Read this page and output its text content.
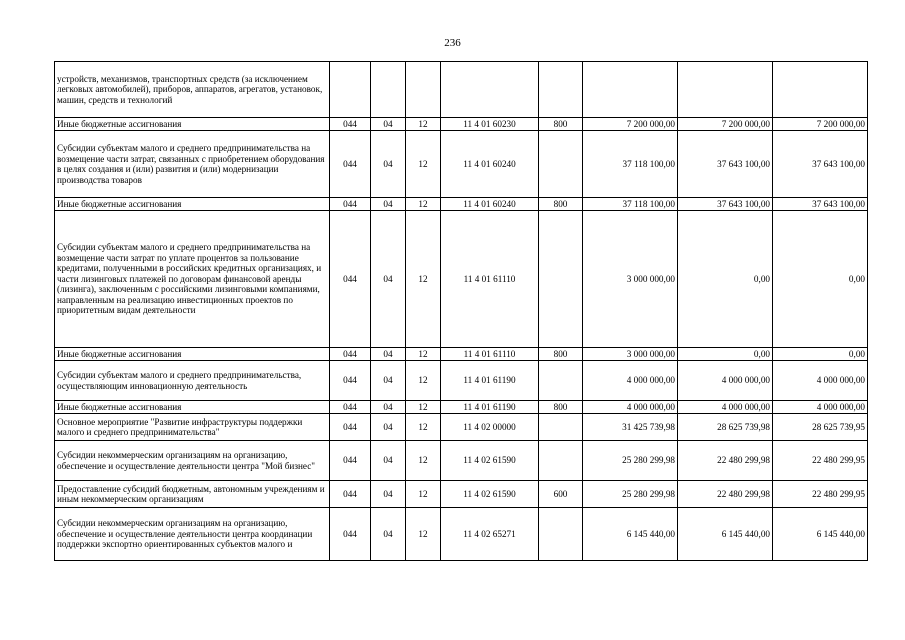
236
устройств, механизмов, транспортных средств (за исключением легковых автомобилей), приборов, аппаратов, агрегатов, установок, машин, средств и технологий								
Иные бюджетные ассигнования	044	04	12	11 4 01 60230	800	7 200 000,00	7 200 000,00	7 200 000,00
Субсидии субъектам малого и среднего предпринимательства на возмещение части затрат, связанных с приобретением оборудования в целях создания и (или) развития и (или) модернизации производства товаров	044	04	12	11 4 01 60240		37 118 100,00	37 643 100,00	37 643 100,00
Иные бюджетные ассигнования	044	04	12	11 4 01 60240	800	37 118 100,00	37 643 100,00	37 643 100,00
Субсидии субъектам малого и среднего предпринимательства на возмещение части затрат по уплате процентов за пользование кредитами, полученными в российских кредитных организациях, и части лизинговых платежей по договорам финансовой аренды (лизинга), заключенным с российскими лизинговыми компаниями, направленным на реализацию инвестиционных проектов по приоритетным видам деятельности	044	04	12	11 4 01 61110		3 000 000,00	0,00	0,00
Иные бюджетные ассигнования	044	04	12	11 4 01 61110	800	3 000 000,00	0,00	0,00
Субсидии субъектам малого и среднего предпринимательства, осуществляющим инновационную деятельность	044	04	12	11 4 01 61190		4 000 000,00	4 000 000,00	4 000 000,00
Иные бюджетные ассигнования	044	04	12	11 4 01 61190	800	4 000 000,00	4 000 000,00	4 000 000,00
Основное мероприятие "Развитие инфраструктуры поддержки малого и среднего предпринимательства"	044	04	12	11 4 02 00000		31 425 739,98	28 625 739,98	28 625 739,95
Субсидии некоммерческим организациям на организацию, обеспечение и осуществление деятельности центра "Мой бизнес"	044	04	12	11 4 02 61590		25 280 299,98	22 480 299,98	22 480 299,95
Предоставление субсидий бюджетным, автономным учреждениям и иным некоммерческим организациям	044	04	12	11 4 02 61590	600	25 280 299,98	22 480 299,98	22 480 299,95
Субсидии некоммерческим организациям на организацию, обеспечение и осуществление деятельности центра координации поддержки экспортно ориентированных субъектов малого и	044	04	12	11 4 02 65271		6 145 440,00	6 145 440,00	6 145 440,00
